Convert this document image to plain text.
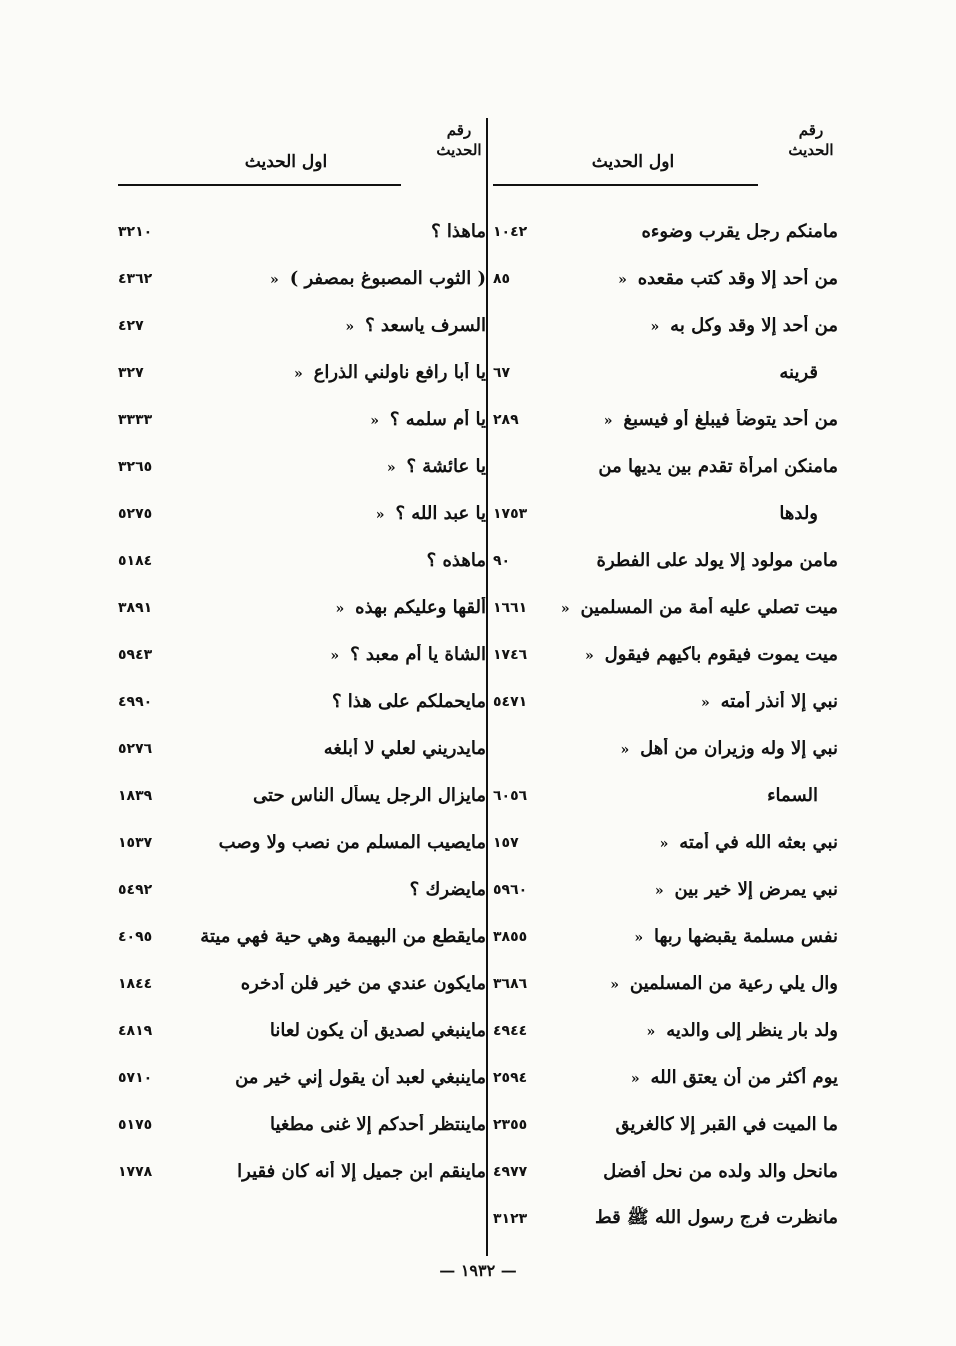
رقم
الحديث
اول الحديث
مامنكم رجل يقرب وضوءه
١٠٤٢
من أحد إلا وقد كتب مقعده «
٨٥
من أحد إلا وقد وكل به «
قرينه
٦٧
من أحد يتوضأ فيبلغ أو فيسبغ «
٢٨٩
مامنكن امرأة تقدم بين يديها من
ولدها
١٧٥٣
مامن مولود إلا يولد على الفطرة
٩٠
ميت تصلي عليه أمة من المسلمين «
١٦٦١
ميت يموت فيقوم باكيهم فيقول «
١٧٤٦
نبي إلا أنذر أمته «
٥٤٧١
نبي إلا وله وزيران من أهل «
السماء
٦٠٥٦
نبي بعثه الله في أمته «
١٥٧
نبي يمرض إلا خير بين «
٥٩٦٠
نفس مسلمة يقبضها ربها «
٣٨٥٥
وال يلي رعية من المسلمين «
٣٦٨٦
ولد بار ينظر إلى والديه «
٤٩٤٤
يوم أكثر من أن يعتق الله «
٢٥٩٤
ما الميت في القبر إلا كالغريق
٢٣٥٥
مانحل والد ولده من نحل أفضل
٤٩٧٧
مانظرت فرج رسول الله ﷺ قط
٣١٢٣
رقم
الحديث
اول الحديث
ماهذا ؟
٣٢١٠
( الثوب المصبوغ بمصفر ) «
٤٣٦٢
السرف ياسعد ؟ «
٤٢٧
يا أبا رافع ناولني الذراع «
٣٢٧
يا أم سلمه ؟ «
٣٣٣٣
يا عائشة ؟ «
٣٢٦٥
يا عبد الله ؟ «
٥٢٧٥
ماهذه ؟
٥١٨٤
ألقها وعليكم بهذه «
٣٨٩١
الشاة يا أم معبد ؟ «
٥٩٤٣
مايحملكم على هذا ؟
٤٩٩٠
مايدريني لعلي لا أبلغه
٥٢٧٦
مايزال الرجل يسأل الناس حتى
١٨٣٩
مايصيب المسلم من نصب ولا وصب
١٥٣٧
مايضرك ؟
٥٤٩٢
مايقطع من البهيمة وهي حية فهي ميتة
٤٠٩٥
مايكون عندي من خير فلن أدخره
١٨٤٤
ماينبغي لصديق أن يكون لعانا
٤٨١٩
ماينبغي لعبد أن يقول إني خير من
٥٧١٠
ماينتظر أحدكم إلا غنى مطغيا
٥١٧٥
ماينقم ابن جميل إلا أنه كان فقيرا
١٧٧٨
— ١٩٣٢ —
